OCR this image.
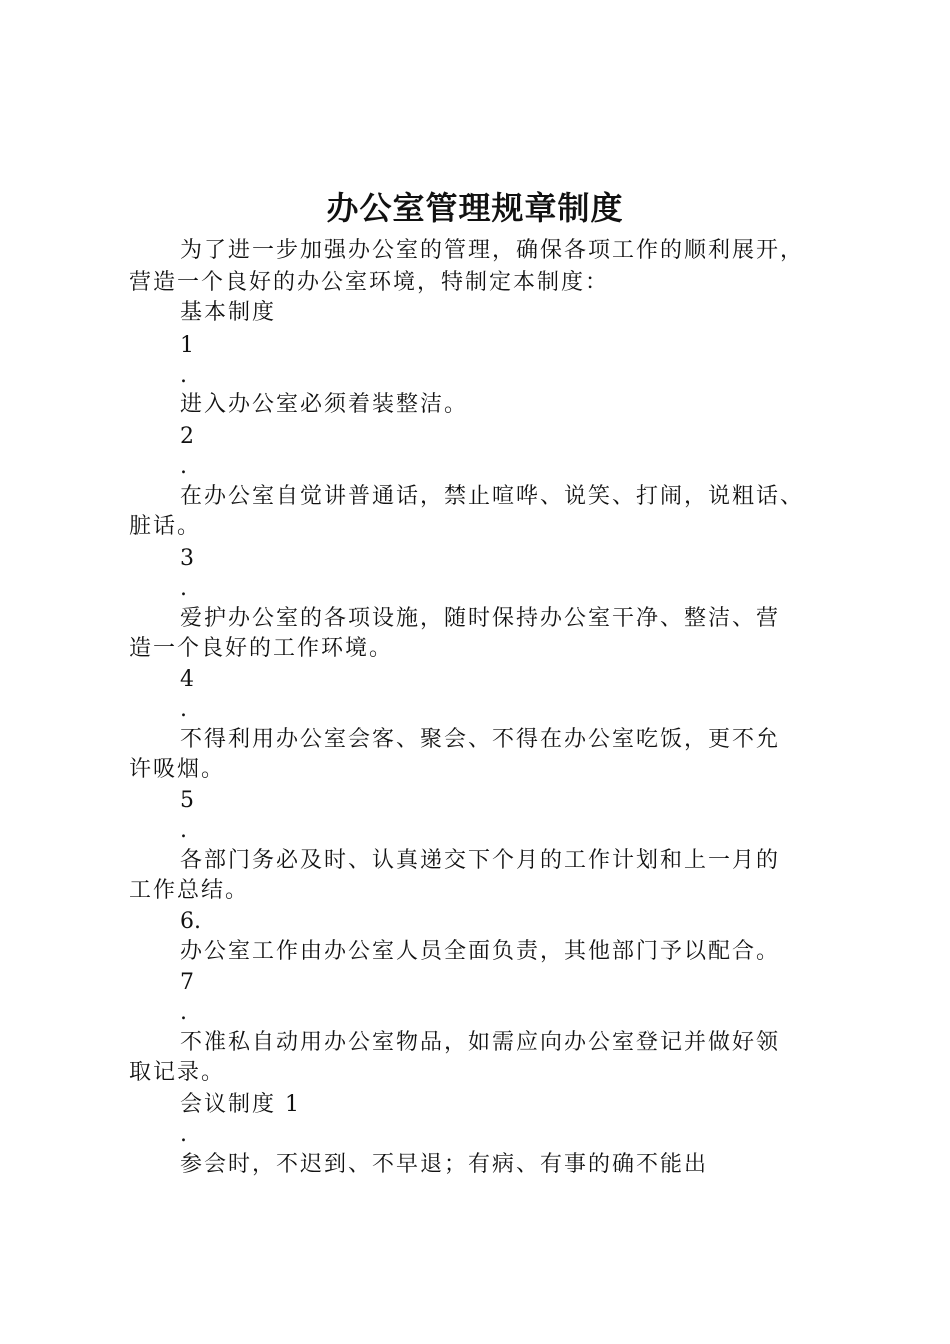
办公室管理规章制度
为了进一步加强办公室的管理，确保各项工作的顺利展开，
营造一个良好的办公室环境，特制定本制度：
基本制度
1
.
进入办公室必须着装整洁。
2
.
在办公室自觉讲普通话，禁止喧哗、说笑、打闹，说粗话、
脏话。
3
.
爱护办公室的各项设施，随时保持办公室干净、整洁、营
造一个良好的工作环境。
4
.
不得利用办公室会客、聚会、不得在办公室吃饭，更不允
许吸烟。
5
.
各部门务必及时、认真递交下个月的工作计划和上一月的
工作总结。
6.
办公室工作由办公室人员全面负责，其他部门予以配合。
7
.
不准私自动用办公室物品，如需应向办公室登记并做好领
取记录。
会议制度 1
.
参会时，不迟到、不早退；有病、有事的确不能出
